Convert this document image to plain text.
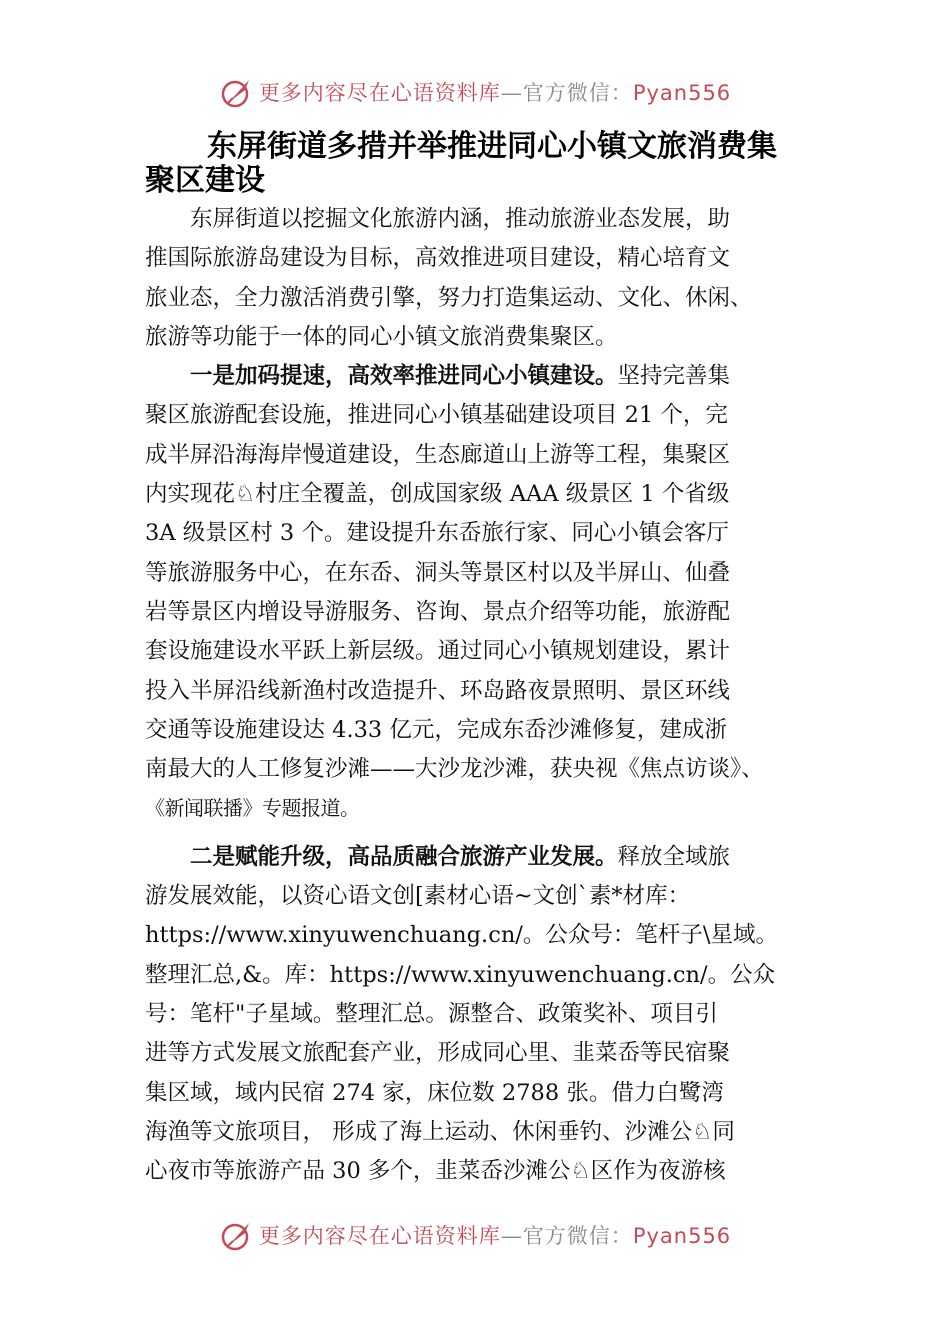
更多内容尽在心语资料库—官方微信：Pyan556
东屏街道多措并举推进同心小镇文旅消费集
聚区建设
东屏街道以挖掘文化旅游内涵，推动旅游业态发展，助
推国际旅游岛建设为目标，高效推进项目建设，精心培育文
旅业态，全力激活消费引擎，努力打造集运动、文化、休闲、
旅游等功能于一体的同心小镇文旅消费集聚区。
一是加码提速，高效率推进同心小镇建设。坚持完善集
聚区旅游配套设施，推进同心小镇基础建设项目 21 个，完
成半屏沿海海岸慢道建设，生态廊道山上游等工程，集聚区
内实现花♘村庄全覆盖，创成国家级 AAA 级景区 1 个省级
3A 级景区村 3 个。建设提升东岙旅行家、同心小镇会客厅
等旅游服务中心，在东岙、洞头等景区村以及半屏山、仙叠
岩等景区内增设导游服务、咨询、景点介绍等功能，旅游配
套设施建设水平跃上新层级。通过同心小镇规划建设，累计
投入半屏沿线新渔村改造提升、环岛路夜景照明、景区环线
交通等设施建设达 4.33 亿元，完成东岙沙滩修复，建成浙
南最大的人工修复沙滩——大沙龙沙滩，获央视《焦点访谈》、
《新闻联播》专题报道。
二是赋能升级，高品质融合旅游产业发展。释放全域旅
游发展效能，以资心语文创[素材心语~文创`素*材库：
https://www.xinyuwenchuang.cn/。公众号：笔杆子\星域。
整理汇总,&。库：https://www.xinyuwenchuang.cn/。公众
号：笔杆"子星域。整理汇总。源整合、政策奖补、项目引
进等方式发展文旅配套产业，形成同心里、韭菜岙等民宿聚
集区域，域内民宿 274 家，床位数 2788 张。借力白鹭湾
海渔等文旅项目， 形成了海上运动、休闲垂钓、沙滩公♘同
心夜市等旅游产品 30 多个，韭菜岙沙滩公♘区作为夜游核
更多内容尽在心语资料库—官方微信：Pyan556
